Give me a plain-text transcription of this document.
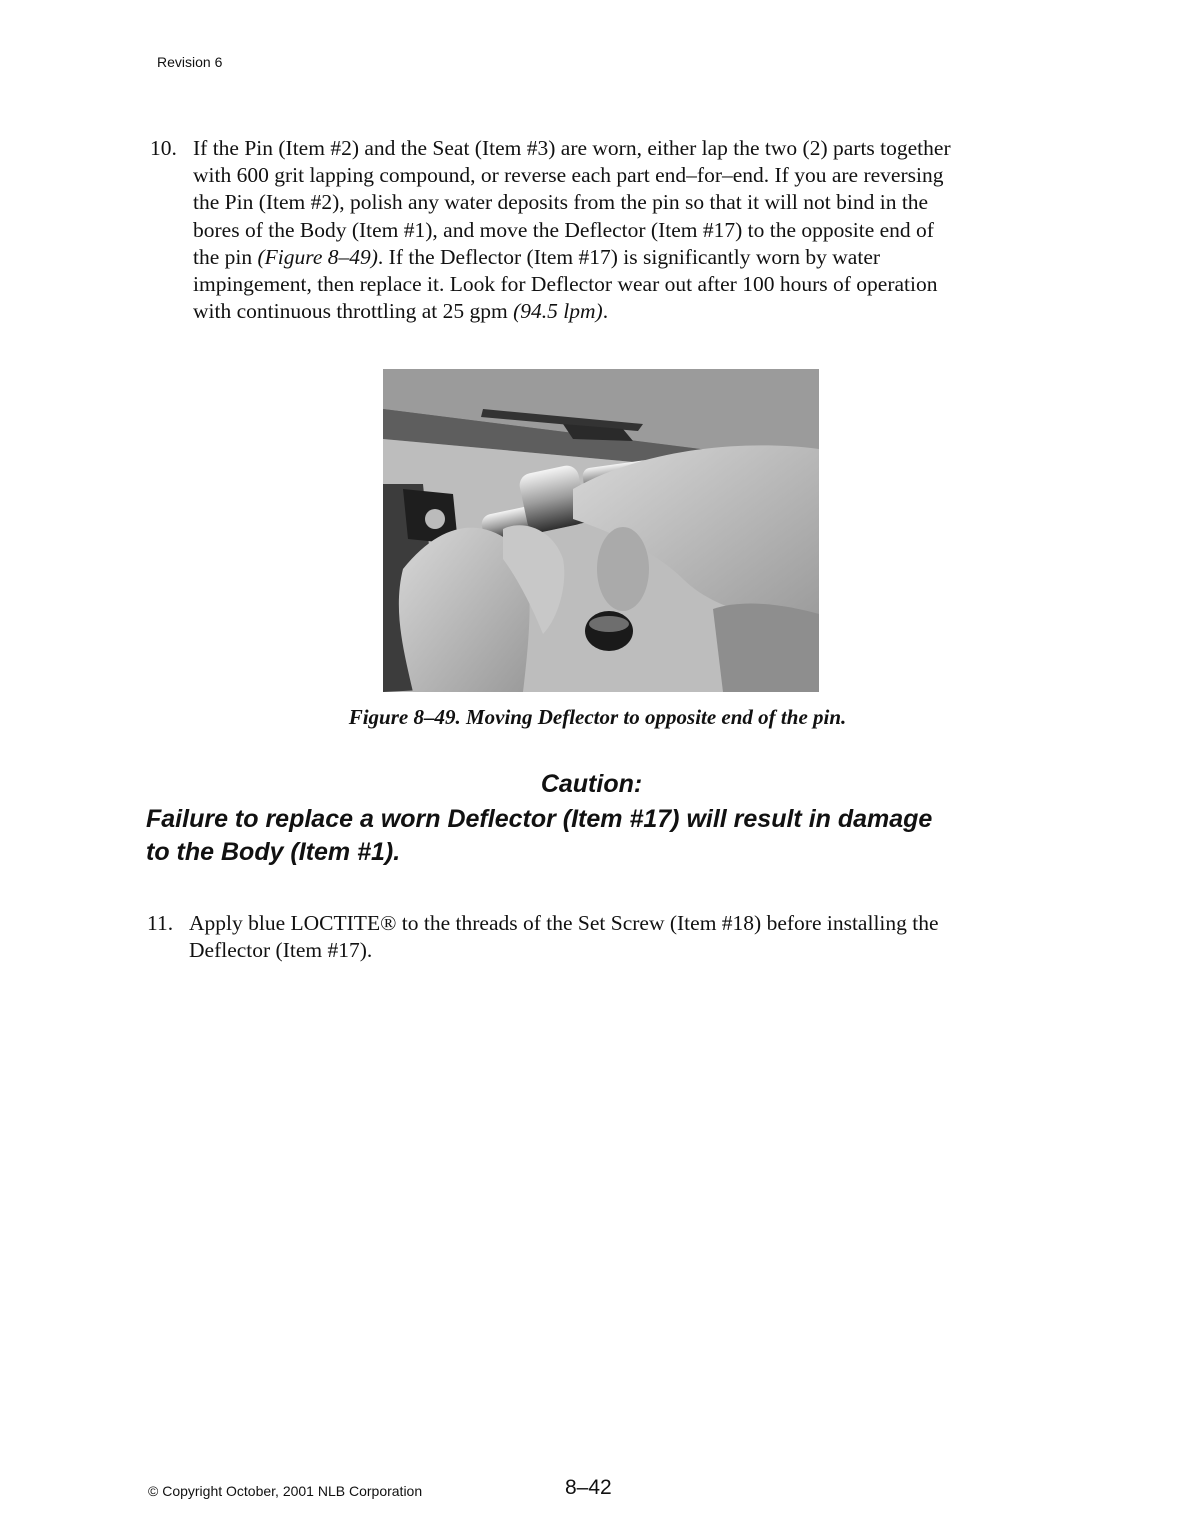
Revision 6
10. If the Pin (Item #2) and the Seat (Item #3) are worn, either lap the two (2) parts together
with 600 grit lapping compound, or reverse each part end–for–end. If you are reversing
the Pin (Item #2), polish any water deposits from the pin so that it will not bind in the
bores of the Body (Item #1), and move the Deflector (Item #17) to the opposite end of
the pin (Figure 8–49). If the Deflector (Item #17) is significantly worn by water
impingement, then replace it. Look for Deflector wear out after 100 hours of operation
with continuous throttling at 25 gpm (94.5 lpm).
Figure 8–49. Moving Deflector to opposite end of the pin.
Caution:
Failure to replace a worn Deflector (Item #17) will result in damage
to the Body (Item #1).
11. Apply blue LOCTITE® to the threads of the Set Screw (Item #18) before installing the
Deflector (Item #17).
© Copyright October, 2001 NLB Corporation	8–42
